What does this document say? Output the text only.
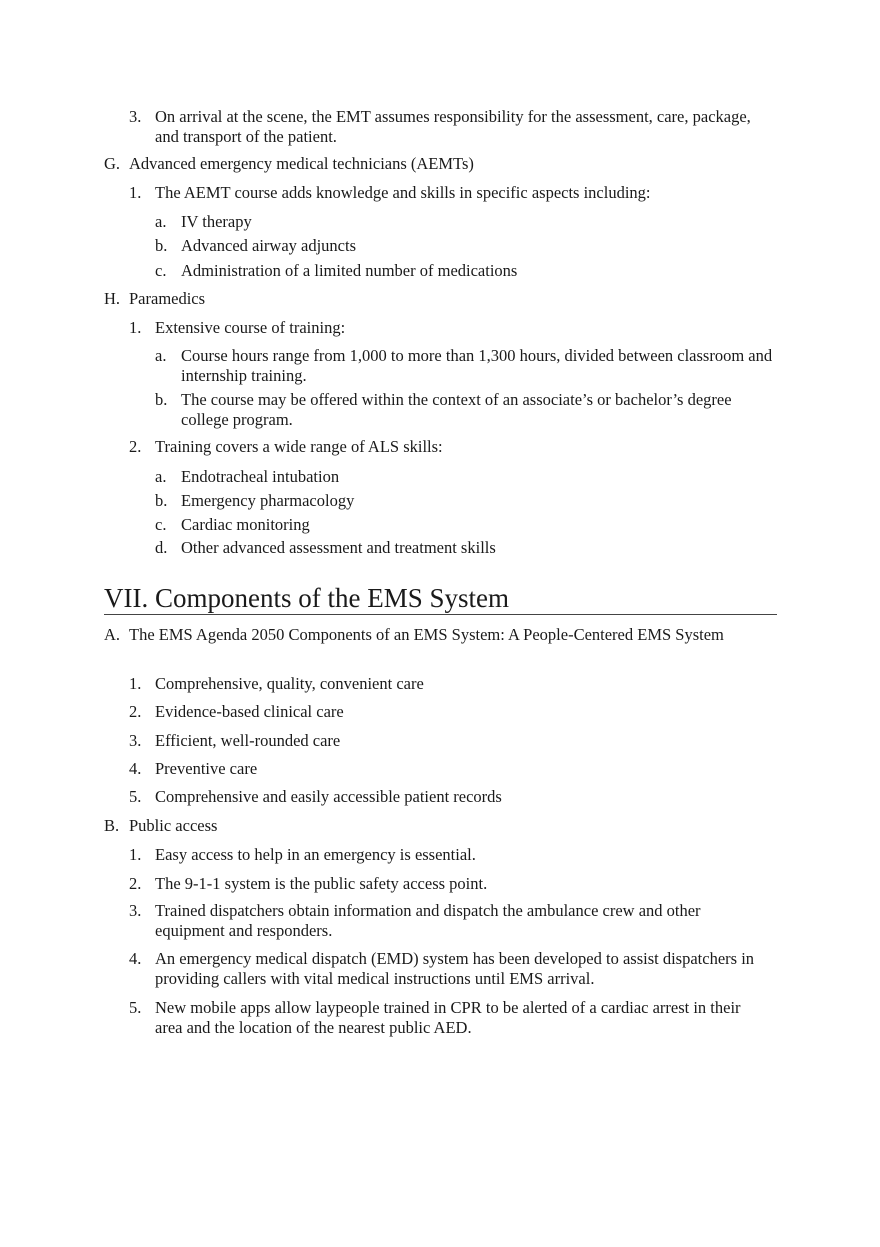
3. On arrival at the scene, the EMT assumes responsibility for the assessment, care, package, and transport of the patient.
G. Advanced emergency medical technicians (AEMTs)
1. The AEMT course adds knowledge and skills in specific aspects including:
a. IV therapy
b. Advanced airway adjuncts
c. Administration of a limited number of medications
H. Paramedics
1. Extensive course of training:
a. Course hours range from 1,000 to more than 1,300 hours, divided between classroom and internship training.
b. The course may be offered within the context of an associate’s or bachelor’s degree college program.
2. Training covers a wide range of ALS skills:
a. Endotracheal intubation
b. Emergency pharmacology
c. Cardiac monitoring
d. Other advanced assessment and treatment skills
VII. Components of the EMS System
A. The EMS Agenda 2050 Components of an EMS System: A People-Centered EMS System
1. Comprehensive, quality, convenient care
2. Evidence-based clinical care
3. Efficient, well-rounded care
4. Preventive care
5. Comprehensive and easily accessible patient records
B. Public access
1. Easy access to help in an emergency is essential.
2. The 9-1-1 system is the public safety access point.
3. Trained dispatchers obtain information and dispatch the ambulance crew and other equipment and responders.
4. An emergency medical dispatch (EMD) system has been developed to assist dispatchers in providing callers with vital medical instructions until EMS arrival.
5. New mobile apps allow laypeople trained in CPR to be alerted of a cardiac arrest in their area and the location of the nearest public AED.
